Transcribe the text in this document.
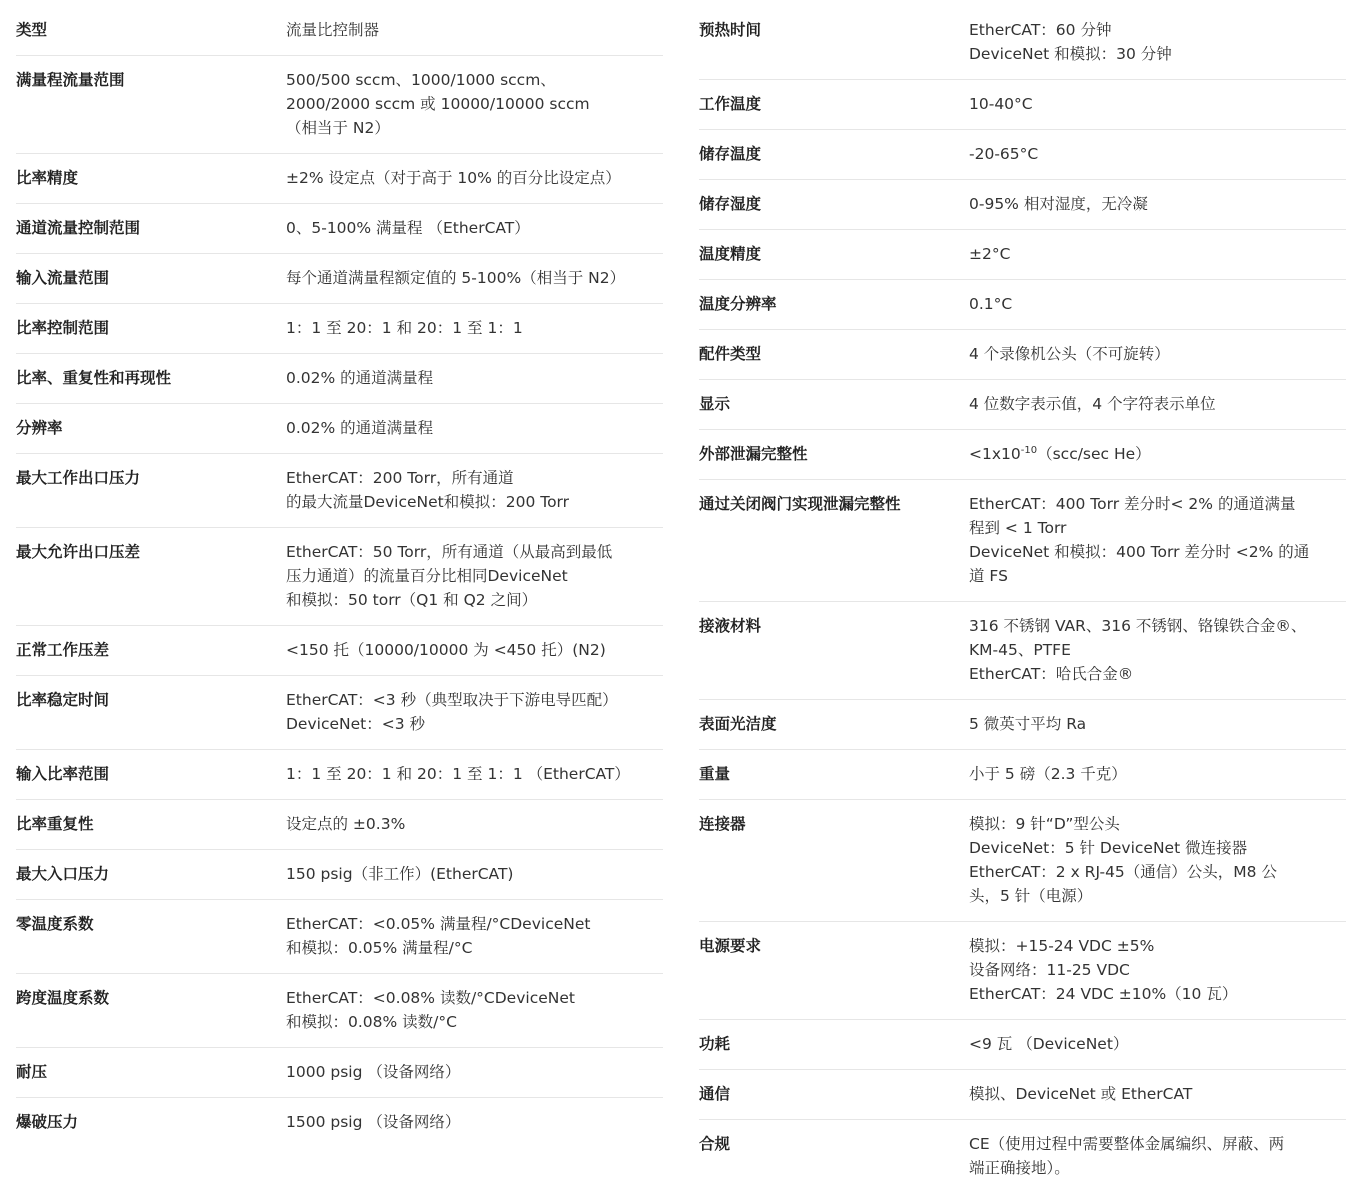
类型	流量比控制器
满量程流量范围	500/500 sccm、1000/1000 sccm、
2000/2000 sccm 或 10000/10000 sccm
（相当于 N2）
比率精度	±2% 设定点（对于高于 10% 的百分比设定点）
通道流量控制范围	0、5-100% 满量程 （EtherCAT）
输入流量范围	每个通道满量程额定值的 5-100%（相当于 N2）
比率控制范围	1：1 至 20：1 和 20：1 至 1：1
比率、重复性和再现性	0.02% 的通道满量程
分辨率	0.02% 的通道满量程
最大工作出口压力	EtherCAT：200 Torr，所有通道
的最大流量DeviceNet和模拟：200 Torr
最大允许出口压差	EtherCAT：50 Torr，所有通道（从最高到最低
压力通道）的流量百分比相同DeviceNet
和模拟：50 torr（Q1 和 Q2 之间）
正常工作压差	<150 托（10000/10000 为 <450 托）(N2)
比率稳定时间	EtherCAT：<3 秒（典型取决于下游电导匹配）
DeviceNet：<3 秒
输入比率范围	1：1 至 20：1 和 20：1 至 1：1 （EtherCAT）
比率重复性	设定点的 ±0.3%
最大入口压力	150 psig（非工作）(EtherCAT)
零温度系数	EtherCAT：<0.05% 满量程/°CDeviceNet
和模拟：0.05% 满量程/°C
跨度温度系数	EtherCAT：<0.08% 读数/°CDeviceNet
和模拟：0.08% 读数/°C
耐压	1000 psig （设备网络）
爆破压力	1500 psig （设备网络）
预热时间	EtherCAT：60 分钟
DeviceNet 和模拟：30 分钟
工作温度	10-40°C
储存温度	-20-65°C
储存湿度	0-95% 相对湿度，无冷凝
温度精度	±2°C
温度分辨率	0.1°C
配件类型	4 个录像机公头（不可旋转）
显示	4 位数字表示值，4 个字符表示单位
外部泄漏完整性	$<1x10^{-10}(scc/\sec$ He）
通过关闭阀门实现泄漏完整性	EtherCAT：400 Torr 差分时< 2% 的通道满量
程到 < 1 Torr
DeviceNet 和模拟：400 Torr 差分时 <2% 的通
道 FS
接液材料	316 不锈钢 VAR、316 不锈钢、铬镍铁合金®、
KM-45、PTFE
EtherCAT：哈氏合金®
表面光洁度	5 微英寸平均 Ra
重量	小于 5 磅（2.3 千克）
连接器	模拟：9 针“D”型公头
DeviceNet：5 针 DeviceNet 微连接器
EtherCAT：2 x RJ-45（通信）公头，M8 公
头，5 针（电源）
电源要求	模拟：+15-24 VDC ±5%
设备网络：11-25 VDC
EtherCAT：24 VDC ±10%（10 瓦）
功耗	<9 瓦 （DeviceNet）
通信	模拟、DeviceNet 或 EtherCAT
合规	CE（使用过程中需要整体金属编织、屏蔽、两
端正确接地）。
